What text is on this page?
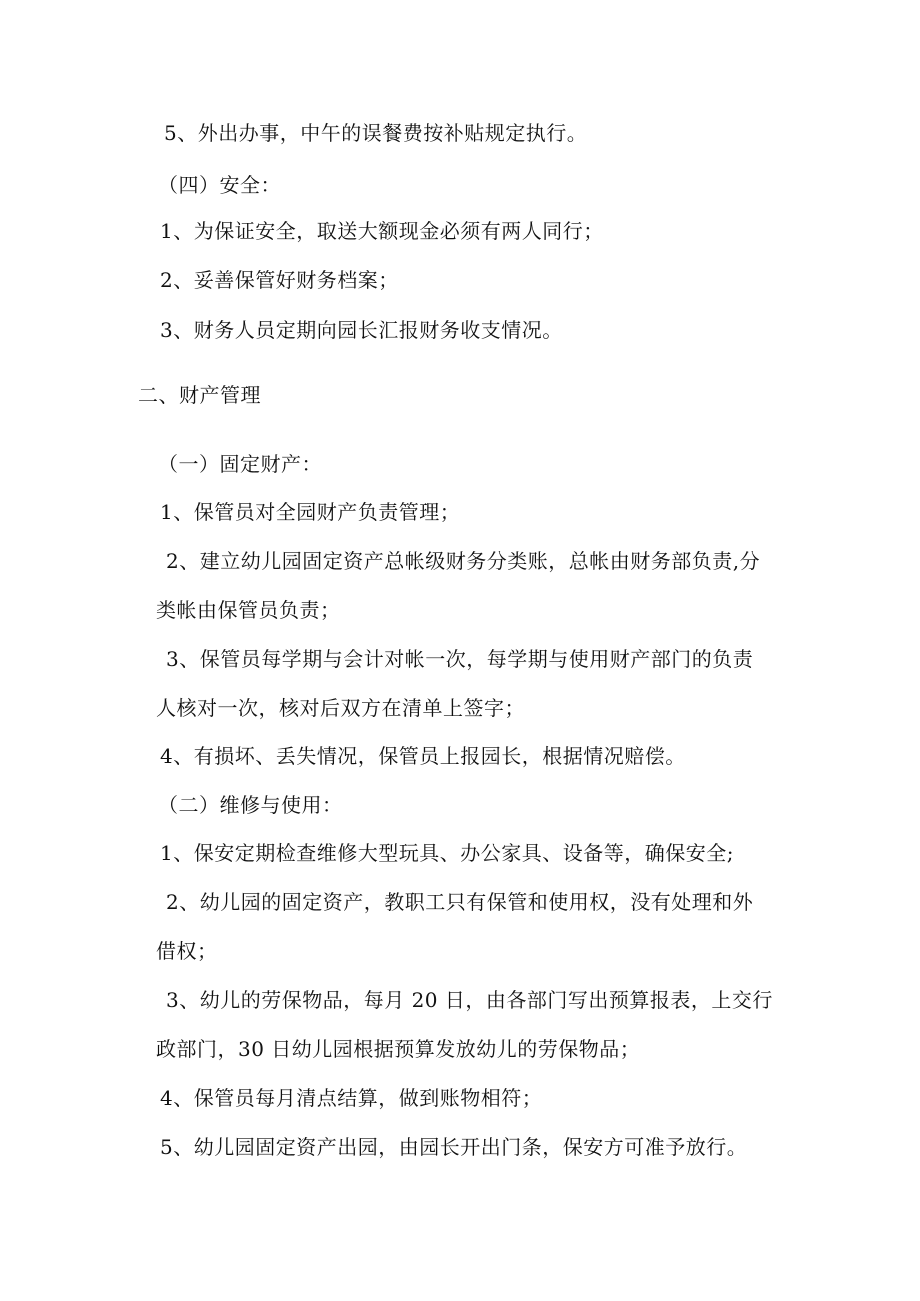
5、外出办事，中午的误餐费按补贴规定执行。
（四）安全：
1、为保证安全，取送大额现金必须有两人同行；
2、妥善保管好财务档案；
3、财务人员定期向园长汇报财务收支情况。
二、财产管理
（一）固定财产：
1、保管员对全园财产负责管理；
2、建立幼儿园固定资产总帐级财务分类账，总帐由财务部负责,分
类帐由保管员负责；
3、保管员每学期与会计对帐一次，每学期与使用财产部门的负责
人核对一次，核对后双方在清单上签字；
4、有损坏、丢失情况，保管员上报园长，根据情况赔偿。
（二）维修与使用：
1、保安定期检查维修大型玩具、办公家具、设备等，确保安全;
2、幼儿园的固定资产，教职工只有保管和使用权，没有处理和外
借权；
3、幼儿的劳保物品，每月 20 日，由各部门写出预算报表，上交行
政部门，30 日幼儿园根据预算发放幼儿的劳保物品；
4、保管员每月清点结算，做到账物相符；
5、幼儿园固定资产出园，由园长开出门条，保安方可准予放行。
